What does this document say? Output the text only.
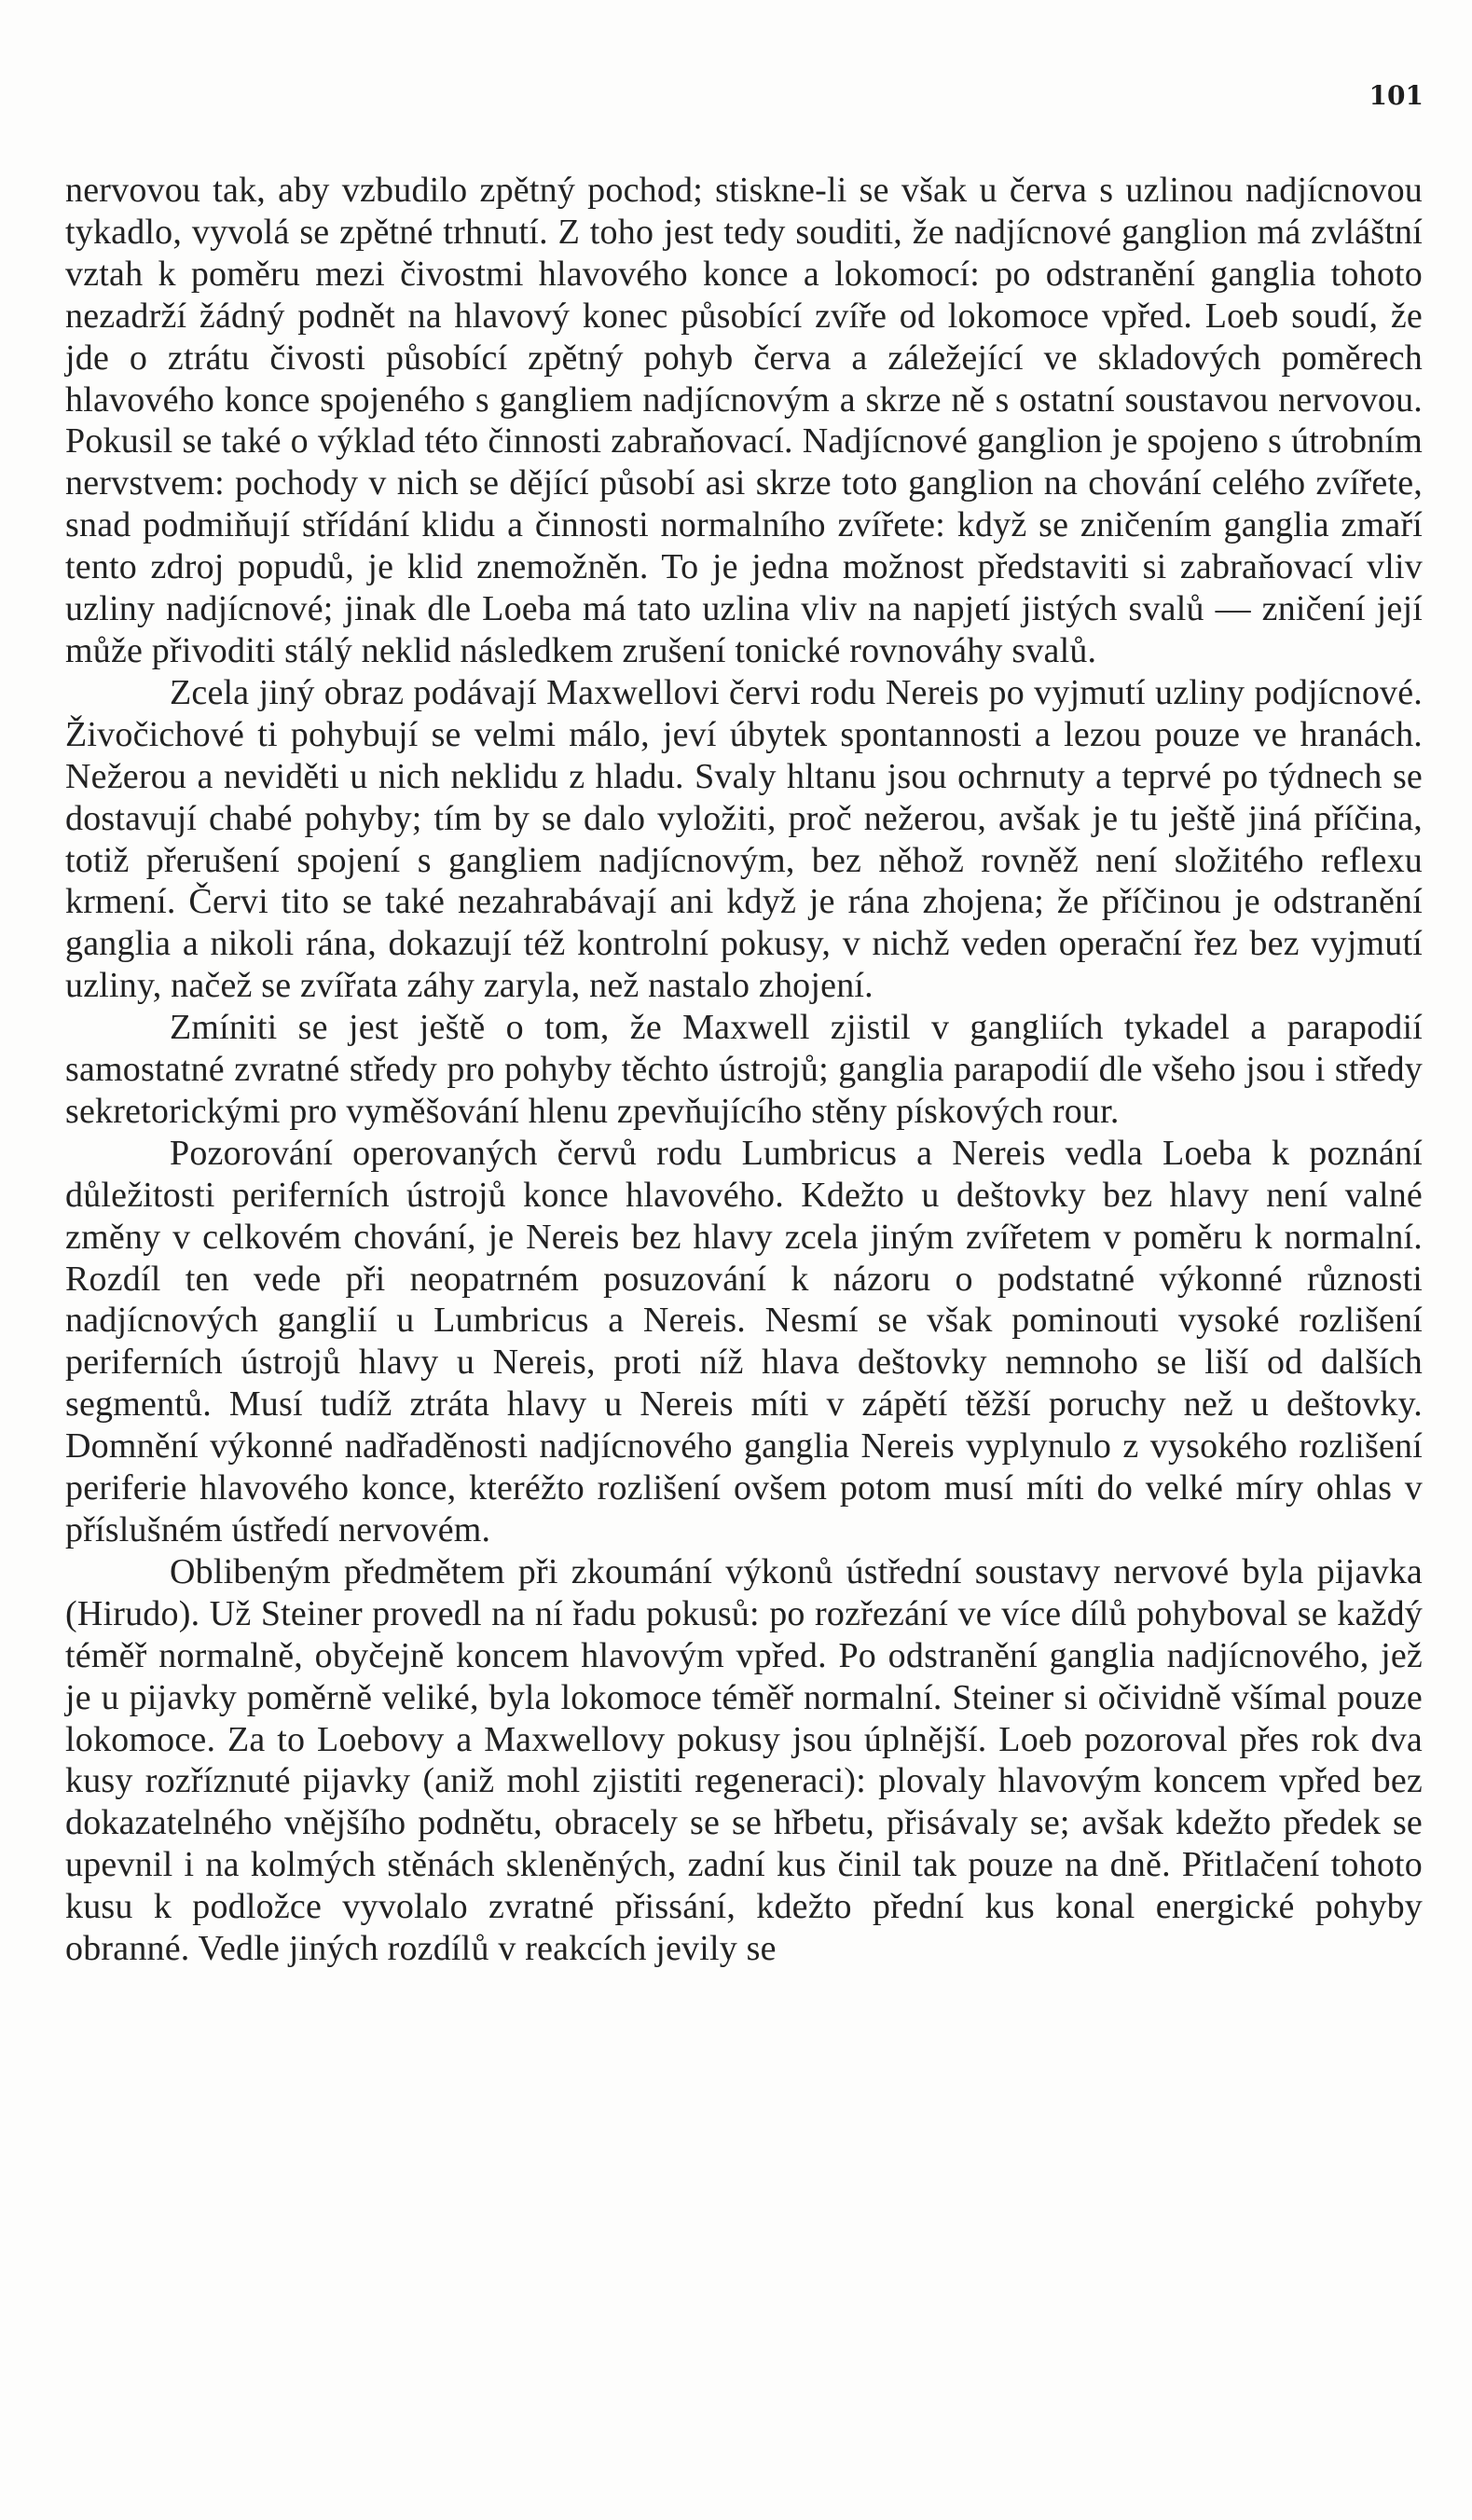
101

nervovou tak, aby vzbudilo zpětný pochod; stiskne-li se však u červa s uzlinou nadjícnovou tykadlo, vyvolá se zpětné trhnutí. Z toho jest tedy souditi, že nadjícnové ganglion má zvláštní vztah k poměru mezi čivostmi hlavového konce a lokomocí: po odstranění ganglia tohoto nezadrží žádný podnět na hlavový konec působící zvíře od lokomoce vpřed. Loeb soudí, že jde o ztrátu čivosti působící zpětný pohyb červa a záležející ve skladových poměrech hlavového konce spojeného s gangliem nadjícnovým a skrze ně s ostatní soustavou nervovou. Pokusil se také o výklad této činnosti zabraňovací. Nadjícnové ganglion je spojeno s útrobním nervstvem: pochody v nich se dějící působí asi skrze toto ganglion na chování celého zvířete, snad podmiňují střídání klidu a činnosti normalního zvířete: když se zničením ganglia zmaří tento zdroj popudů, je klid znemožněn. To je jedna možnost představiti si zabraňovací vliv uzliny nadjícnové; jinak dle Loeba má tato uzlina vliv na napjetí jistých svalů — zničení její může přivoditi stálý neklid následkem zrušení tonické rovnováhy svalů.

Zcela jiný obraz podávají Maxwellovi červi rodu Nereis po vyjmutí uzliny podjícnové. Živočichové ti pohybují se velmi málo, jeví úbytek spontannosti a lezou pouze ve hranách. Nežerou a neviděti u nich neklidu z hladu. Svaly hltanu jsou ochrnuty a teprvé po týdnech se dostavují chabé pohyby; tím by se dalo vyložiti, proč nežerou, avšak je tu ještě jiná příčina, totiž přerušení spojení s gangliem nadjícnovým, bez něhož rovněž není složitého reflexu krmení. Červi tito se také nezahrabávají ani když je rána zhojena; že příčinou je odstranění ganglia a nikoli rána, dokazují též kontrolní pokusy, v nichž veden operační řez bez vyjmutí uzliny, načež se zvířata záhy zaryla, než nastalo zhojení.

Zmíniti se jest ještě o tom, že Maxwell zjistil v gangliích tykadel a parapodií samostatné zvratné středy pro pohyby těchto ústrojů; ganglia parapodií dle všeho jsou i středy sekretorickými pro vyměšování hlenu zpevňujícího stěny pískových rour.

Pozorování operovaných červů rodu Lumbricus a Nereis vedla Loeba k poznání důležitosti periferních ústrojů konce hlavového. Kdežto u deštovky bez hlavy není valné změny v celkovém chování, je Nereis bez hlavy zcela jiným zvířetem v poměru k normalní. Rozdíl ten vede při neopatrném posuzování k názoru o podstatné výkonné různosti nadjícnových ganglií u Lumbricus a Nereis. Nesmí se však pominouti vysoké rozlišení periferních ústrojů hlavy u Nereis, proti níž hlava deštovky nemnoho se liší od dalších segmentů. Musí tudíž ztráta hlavy u Nereis míti v zápětí těžší poruchy než u deštovky. Domnění výkonné nadřaděnosti nadjícnového ganglia Nereis vyplynulo z vysokého rozlišení periferie hlavového konce, kteréžto rozlišení ovšem potom musí míti do velké míry ohlas v příslušném ústředí nervovém.

Oblibeným předmětem při zkoumání výkonů ústřední soustavy nervové byla pijavka (Hirudo). Už Steiner provedl na ní řadu pokusů: po rozřezání ve více dílů pohyboval se každý téměř normalně, obyčejně koncem hlavovým vpřed. Po odstranění ganglia nadjícnového, jež je u pijavky poměrně veliké, byla lokomoce téměř normalní. Steiner si očividně všímal pouze lokomoce. Za to Loebovy a Maxwellovy pokusy jsou úplnější. Loeb pozoroval přes rok dva kusy rozříznuté pijavky (aniž mohl zjistiti regeneraci): plovaly hlavovým koncem vpřed bez dokazatelného vnějšího podnětu, obracely se se hřbetu, přisávaly se; avšak kdežto předek se upevnil i na kolmých stěnách skleněných, zadní kus činil tak pouze na dně. Přitlačení tohoto kusu k podložce vyvolalo zvratné přissání, kdežto přední kus konal energické pohyby obranné. Vedle jiných rozdílů v reakcích jevily se
